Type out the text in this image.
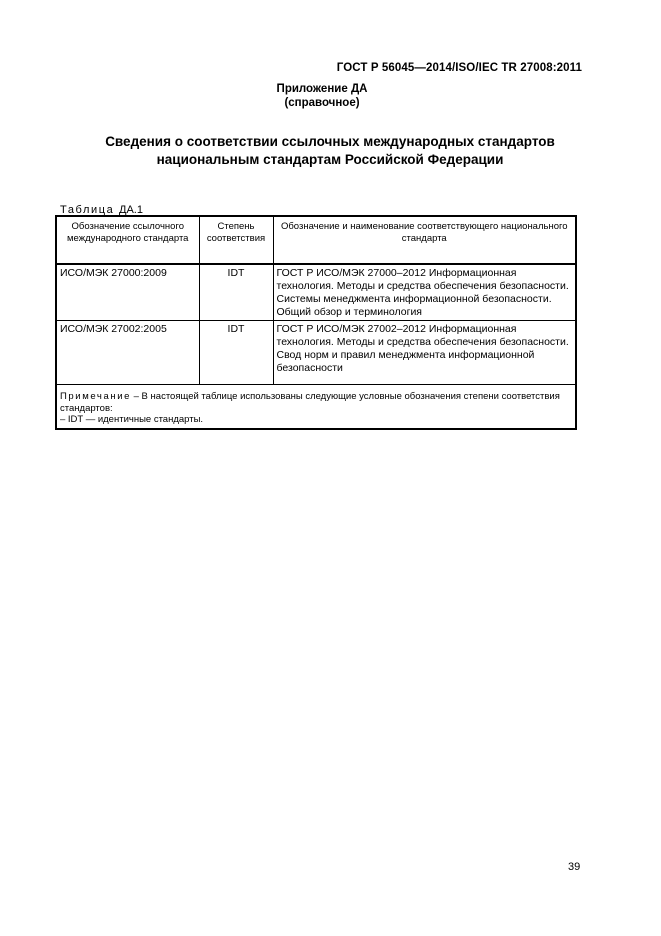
ГОСТ Р 56045—2014/ISO/IEC TR 27008:2011
Приложение ДА
(справочное)
Сведения о соответствии ссылочных международных стандартов
национальным стандартам Российской Федерации
Таблица ДА.1
Обозначение ссылочного международного стандарта	Степень соответствия	Обозначение и наименование соответствующего национального стандарта
ИСО/МЭК 27000:2009	IDT	ГОСТ Р ИСО/МЭК 27000–2012 Информационная технология. Методы и средства обеспечения безопасности. Системы менеджмента информационной безопасности. Общий обзор и терминология
ИСО/МЭК 27002:2005	IDT	ГОСТ Р ИСО/МЭК 27002–2012 Информационная технология. Методы и средства обеспечения безопасности. Свод норм и правил менеджмента информационной безопасности
Примечание – В настоящей таблице использованы следующие условные обозначения степени соответствия стандартов:
– IDT — идентичные стандарты.		
39
